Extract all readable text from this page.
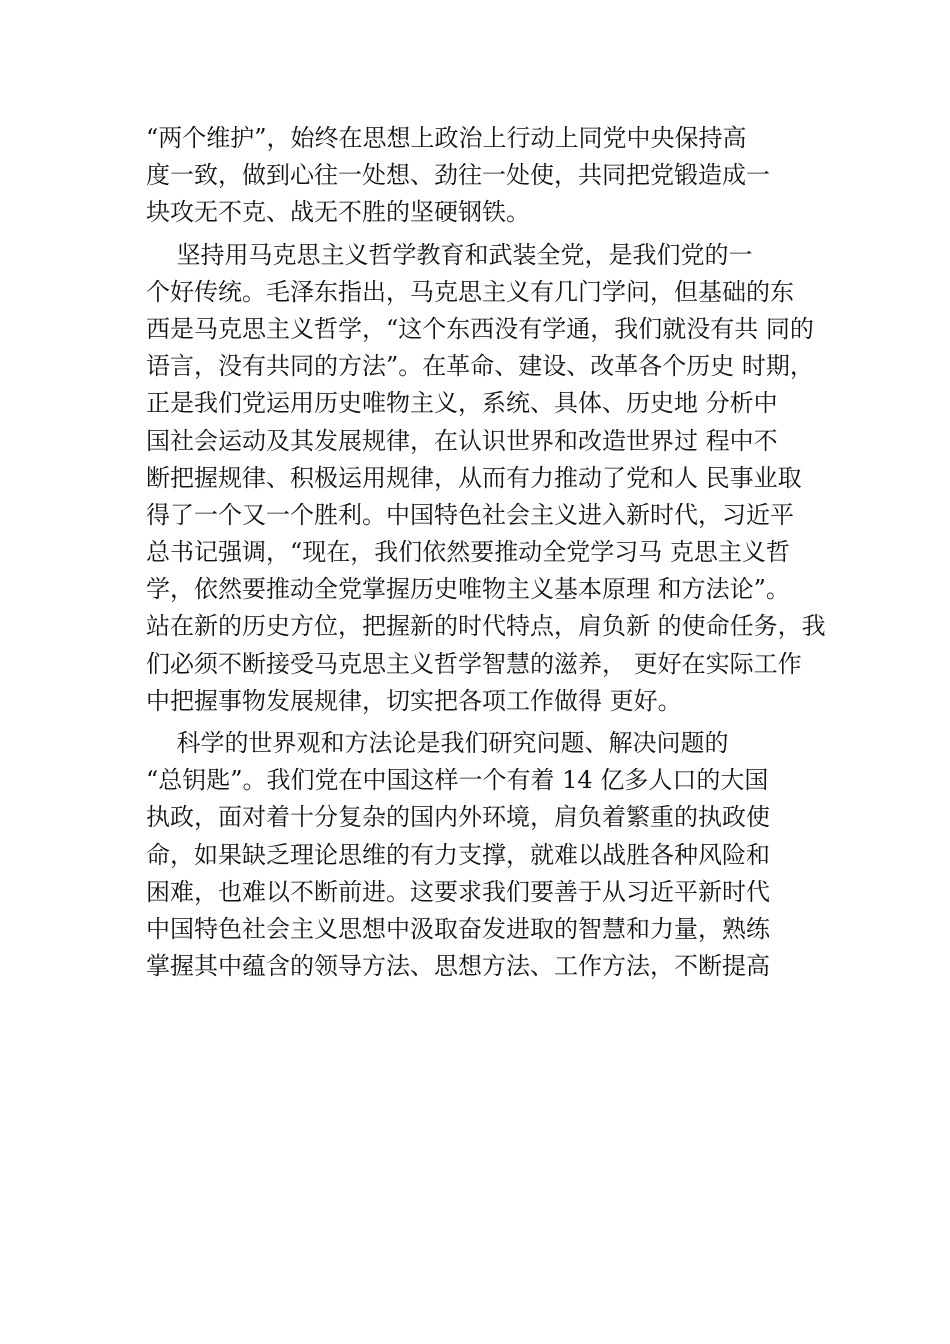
“两个维护”，始终在思想上政治上行动上同党中央保持高
度一致，做到心往一处想、劲往一处使，共同把党锻造成一
块攻无不克、战无不胜的坚硬钢铁。
坚持用马克思主义哲学教育和武装全党，是我们党的一
个好传统。毛泽东指出，马克思主义有几门学问，但基础的东
西是马克思主义哲学，“这个东西没有学通，我们就没有共 同的
语言，没有共同的方法”。在革命、建设、改革各个历史 时期，
正是我们党运用历史唯物主义，系统、具体、历史地 分析中
国社会运动及其发展规律，在认识世界和改造世界过 程中不
断把握规律、积极运用规律，从而有力推动了党和人 民事业取
得了一个又一个胜利。中国特色社会主义进入新时代，习近平
总书记强调，“现在，我们依然要推动全党学习马 克思主义哲
学，依然要推动全党掌握历史唯物主义基本原理 和方法论”。
站在新的历史方位，把握新的时代特点，肩负新 的使命任务，我
们必须不断接受马克思主义哲学智慧的滋养， 更好在实际工作
中把握事物发展规律，切实把各项工作做得 更好。
科学的世界观和方法论是我们研究问题、解决问题的
“总钥匙”。我们党在中国这样一个有着 14 亿多人口的大国
执政，面对着十分复杂的国内外环境，肩负着繁重的执政使
命，如果缺乏理论思维的有力支撑，就难以战胜各种风险和
困难，也难以不断前进。这要求我们要善于从习近平新时代
中国特色社会主义思想中汲取奋发进取的智慧和力量，熟练
掌握其中蕴含的领导方法、思想方法、工作方法，不断提高
